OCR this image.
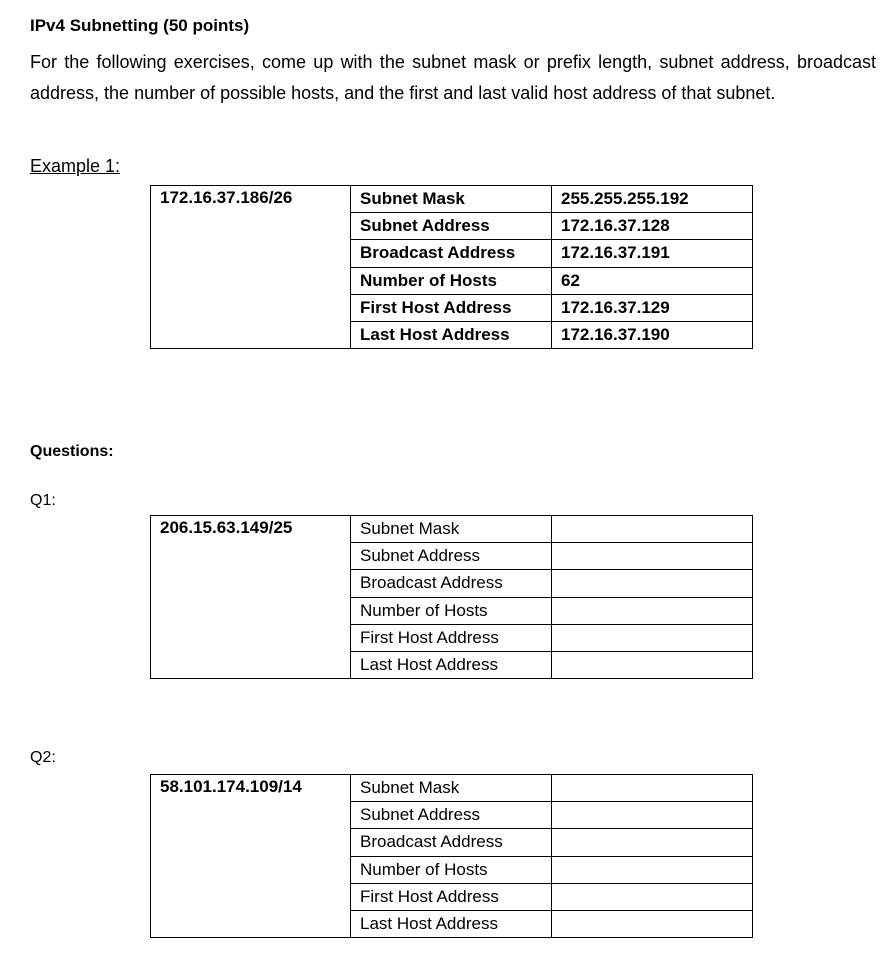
IPv4 Subnetting (50 points)

For the following exercises, come up with the subnet mask or prefix length, subnet address, broadcast address, the number of possible hosts, and the first and last valid host address of that subnet.

Example 1:

172.16.37.186/26	Subnet Mask	255.255.255.192
	Subnet Address	172.16.37.128
	Broadcast Address	172.16.37.191
	Number of Hosts	62
	First Host Address	172.16.37.129
	Last Host Address	172.16.37.190

Questions:

Q1:

206.15.63.149/25	Subnet Mask	
	Subnet Address	
	Broadcast Address	
	Number of Hosts	
	First Host Address	
	Last Host Address	

Q2:

58.101.174.109/14	Subnet Mask	
	Subnet Address	
	Broadcast Address	
	Number of Hosts	
	First Host Address	
	Last Host Address	
